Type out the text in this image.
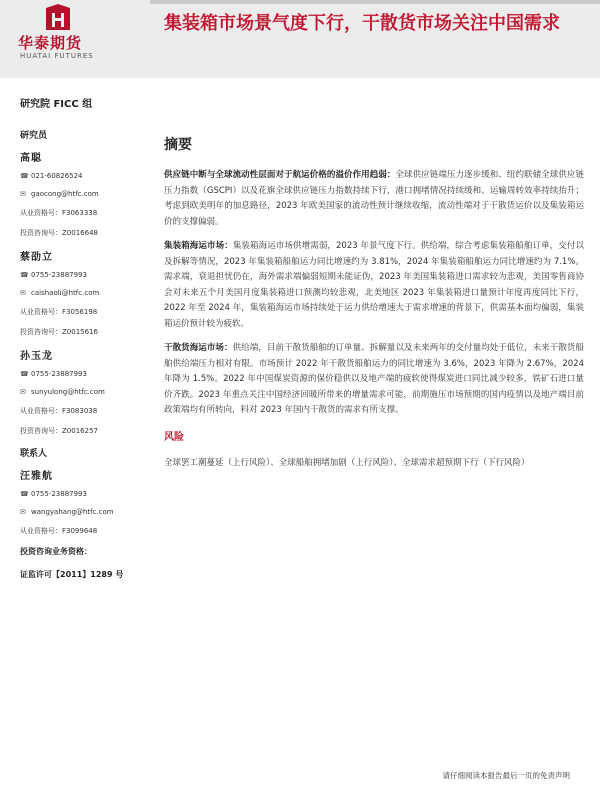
华泰期货
HUATAI FUTURES
集装箱市场景气度下行，干散货市场关注中国需求
研究院 FICC 组
研究员
高聪
☎ 021-60826524
✉ gaocong@htfc.com
从业资格号：F3063338
投资咨询号：Z0016648
蔡劭立
☎ 0755-23887993
✉ caishaoli@htfc.com
从业资格号：F3056198
投资咨询号：Z0015616
孙玉龙
☎ 0755-23887993
✉ sunyulong@htfc.com
从业资格号：F3083038
投资咨询号：Z0016257
联系人
汪雅航
☎ 0755-23887993
✉ wangyahang@htfc.com
从业资格号：F3099648
投资咨询业务资格：
证监许可【2011】1289 号
摘要

供应链中断与全球流动性层面对于航运价格的溢价作用趋弱：全球供应链端压力逐步缓和、纽约联储全球供应链压力指数（GSCPI）以及花旗全球供应链压力指数持续下行，港口拥堵情况持续缓和、运输周转效率持续抬升；考虑到欧美明年的加息路径，2023 年欧美国家的流动性预计继续收缩，流动性端对于干散货运价以及集装箱运价的支撑偏弱。

集装箱海运市场：集装箱海运市场供增需弱，2023 年景气度下行。供给端，综合考虑集装箱船舶订单，交付以及拆解等情况，2023 年集装箱船舶运力同比增速约为 3.81%，2024 年集装箱船舶运力同比增速约为 7.1%。需求端，衰退担忧仍在，海外需求端偏弱短期未能证伪，2023 年美国集装箱进口需求较为悲观，美国零售商协会对未来五个月美国月度集装箱进口预测均较悲观，北美地区 2023 年集装箱进口量预计年度再度同比下行，2022 年至 2024 年，集装箱海运市场持续处于运力供给增速大于需求增速的背景下，供需基本面均偏弱，集装箱运价预计较为疲软。

干散货海运市场：供给端，目前干散货船舶的订单量、拆解量以及未来两年的交付量均处于低位，未来干散货船舶供给端压力相对有限。市场预计 2022 年干散货船舶运力的同比增速为 3.6%，2023 年降为 2.67%，2024 年降为 1.5%。2022 年中国煤炭资源的保价稳供以及地产端的疲软使得煤炭进口同比减少较多，铁矿石进口量价齐跌。2023 年重点关注中国经济回暖所带来的增量需求可能，前期施压市场预期的国内疫情以及地产端目前政策端均有所转向，料对 2023 年国内干散货的需求有所支撑。

风险

全球罢工潮蔓延（上行风险）、全球船舶拥堵加剧（上行风险）、全球需求超预期下行（下行风险）

请仔细阅读本报告最后一页的免责声明
